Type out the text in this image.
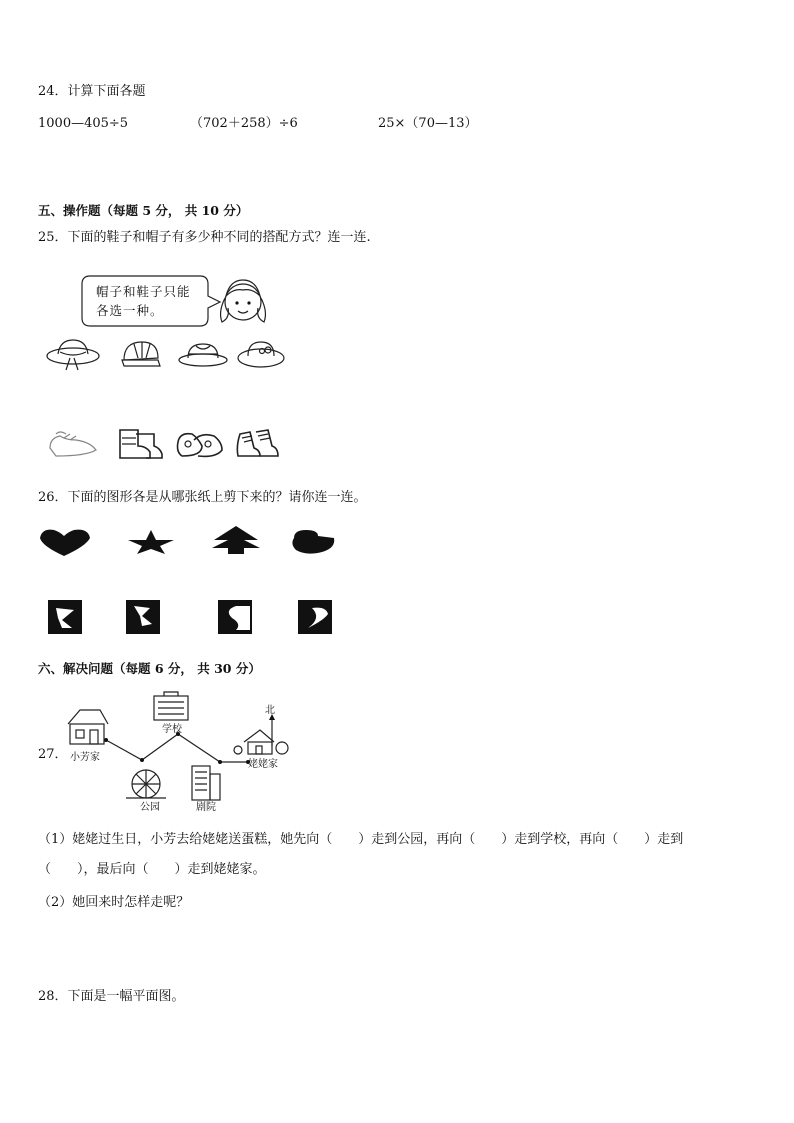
24．计算下面各题
1000—405÷5	（702＋258）÷6	25×（70—13）
五、操作题（每题 5 分， 共 10 分）
25．下面的鞋子和帽子有多少种不同的搭配方式？连一连.
帽子和鞋子只能
各选一种。
26．下面的图形各是从哪张纸上剪下来的？请你连一连。
六、解决问题（每题 6 分， 共 30 分）
27．
北
小芳家
学校
姥姥家
公园	剧院
（1）姥姥过生日，小芳去给姥姥送蛋糕，她先向（　　）走到公园，再向（　　）走到学校，再向（　　）走到
（　　），最后向（　　）走到姥姥家。
（2）她回来时怎样走呢？
28．下面是一幅平面图。
